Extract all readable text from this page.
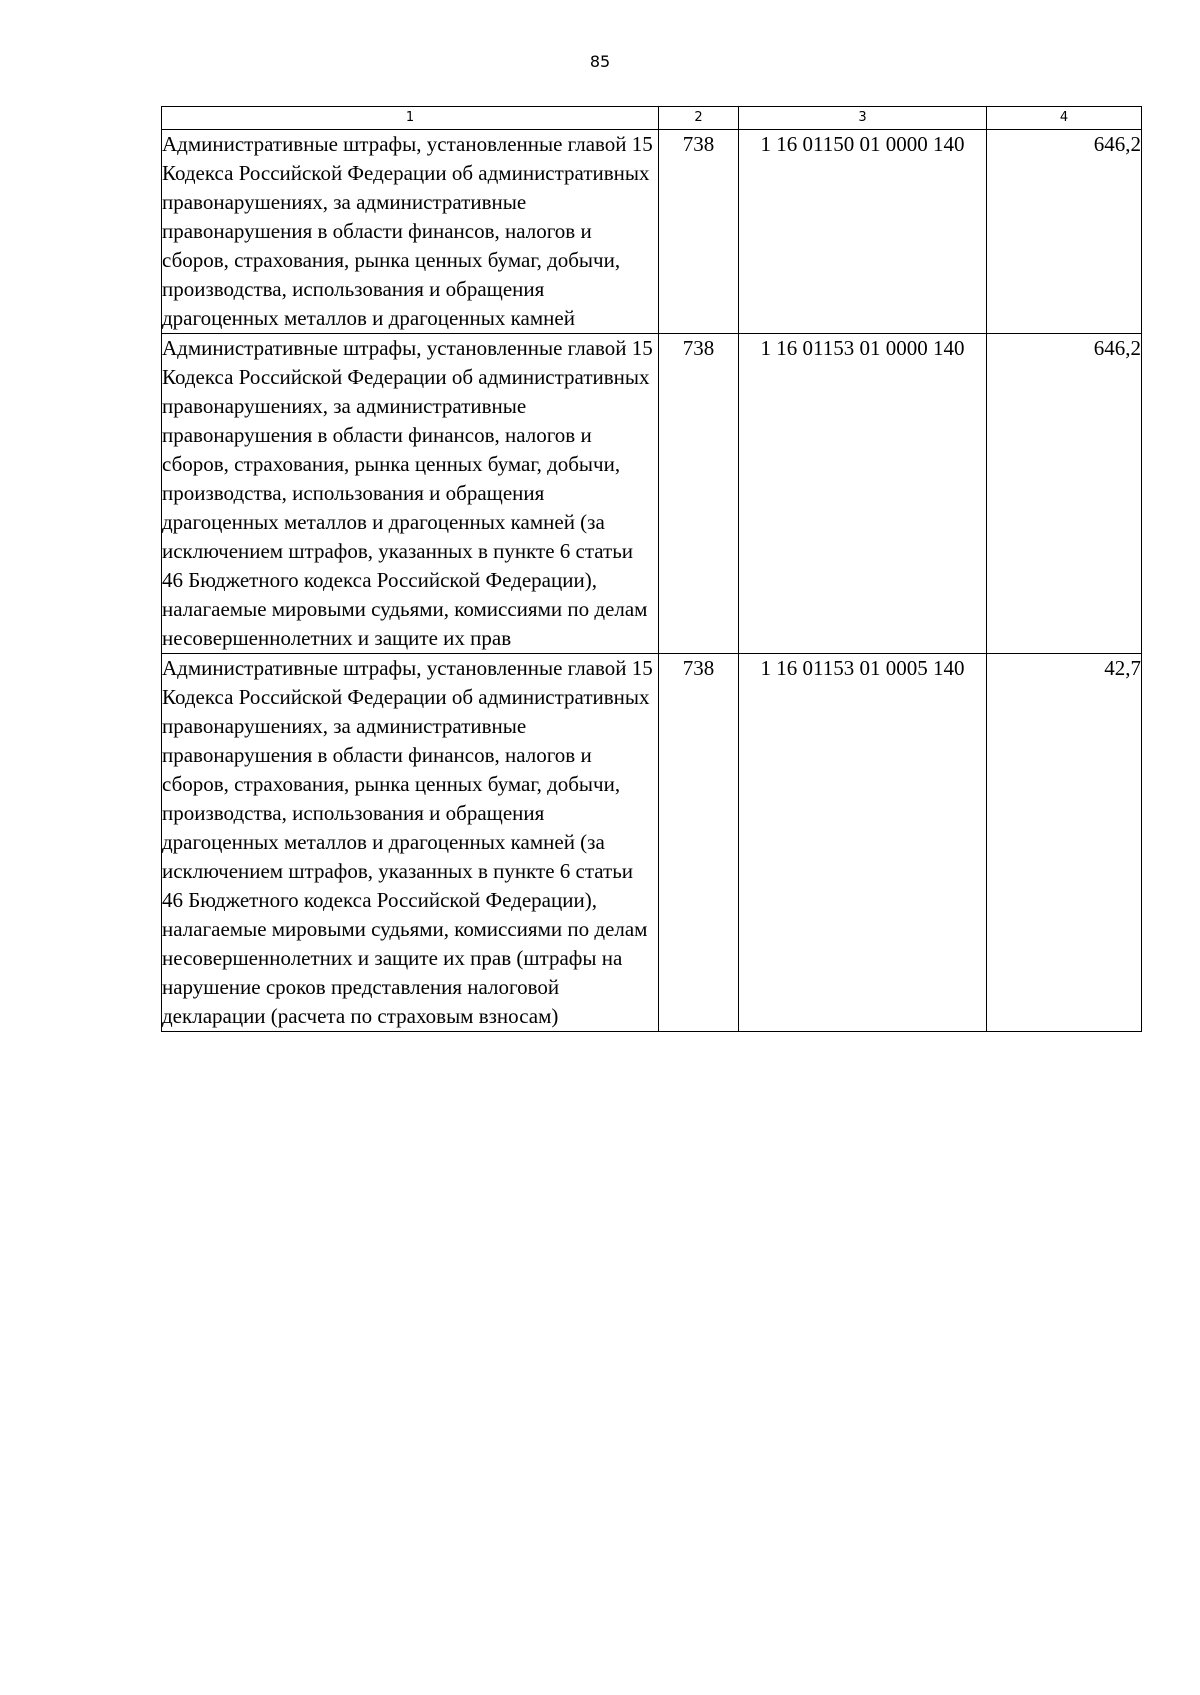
85
1	2	3	4
Административные штрафы, установленные главой 15 Кодекса Российской Федерации об административных правонарушениях, за административные правонарушения в области финансов, налогов и сборов, страхования, рынка ценных бумаг, добычи, производства, использования и обращения драгоценных металлов и драгоценных камней	738	1 16 01150 01 0000 140	646,2
Административные штрафы, установленные главой 15 Кодекса Российской Федерации об административных правонарушениях, за административные правонарушения в области финансов, налогов и сборов, страхования, рынка ценных бумаг, добычи, производства, использования и обращения драгоценных металлов и драгоценных камней (за исключением штрафов, указанных в пункте 6 статьи 46 Бюджетного кодекса Российской Федерации), налагаемые мировыми судьями, комиссиями по делам несовершеннолетних и защите их прав	738	1 16 01153 01 0000 140	646,2
Административные штрафы, установленные главой 15 Кодекса Российской Федерации об административных правонарушениях, за административные правонарушения в области финансов, налогов и сборов, страхования, рынка ценных бумаг, добычи, производства, использования и обращения драгоценных металлов и драгоценных камней (за исключением штрафов, указанных в пункте 6 статьи 46 Бюджетного кодекса Российской Федерации), налагаемые мировыми судьями, комиссиями по делам несовершеннолетних и защите их прав (штрафы на нарушение сроков представления налоговой декларации (расчета по страховым взносам)	738	1 16 01153 01 0005 140	42,7
